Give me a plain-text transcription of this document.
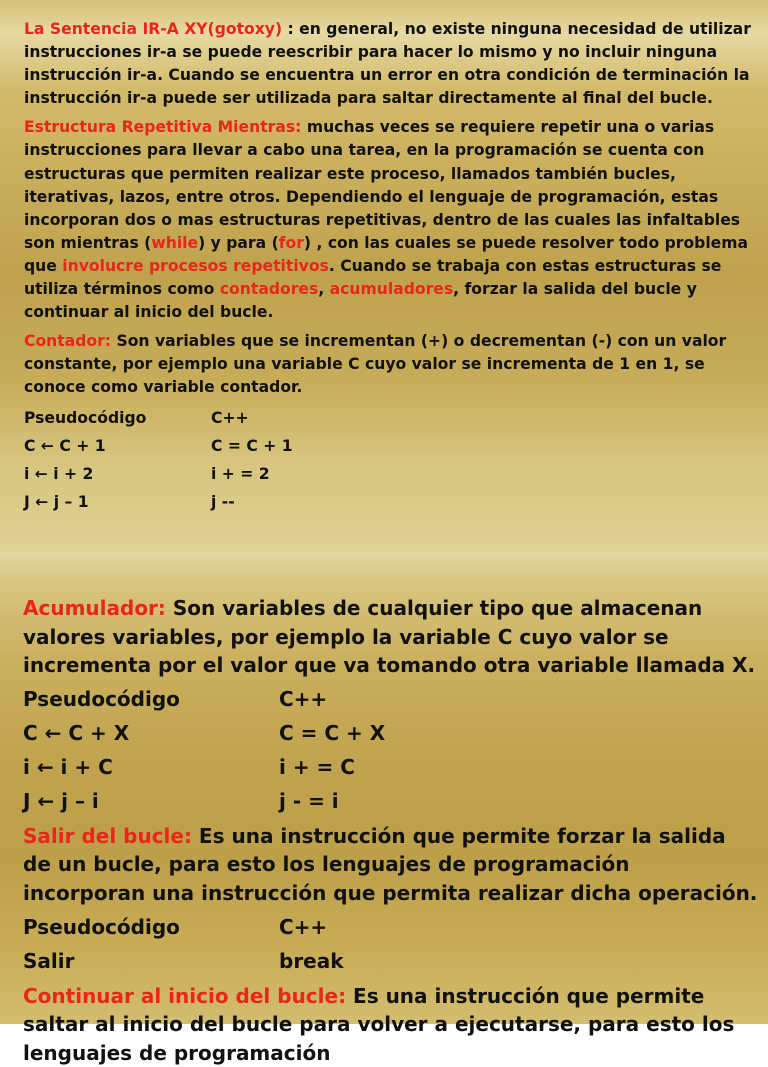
La Sentencia IR-A XY(gotoxy) : en general, no existe ninguna necesidad de utilizar instrucciones ir-a se puede reescribir para hacer lo mismo y no incluir ninguna instrucción ir-a. Cuando se encuentra un error en otra condición de terminación la instrucción ir-a puede ser utilizada para saltar directamente al final del bucle.

Estructura Repetitiva Mientras: muchas veces se requiere repetir una o varias instrucciones para llevar a cabo una tarea, en la programación se cuenta con estructuras que permiten realizar este proceso, llamados también bucles, iterativas, lazos, entre otros. Dependiendo el lenguaje de programación, estas incorporan dos o mas estructuras repetitivas, dentro de las cuales las infaltables son mientras (while) y para (for) , con las cuales se puede resolver todo problema que involucre procesos repetitivos. Cuando se trabaja con estas estructuras se utiliza términos como contadores, acumuladores, forzar la salida del bucle y continuar al inicio del bucle.

Contador: Son variables que se incrementan (+) o decrementan (-) con un valor constante, por ejemplo una variable C cuyo valor se incrementa de 1 en 1, se conoce como variable contador.

Pseudocódigo	C++
C ← C + 1	C = C + 1
i ← i + 2	i + = 2
J ← j – 1	j --

Acumulador: Son variables de cualquier tipo que almacenan valores variables, por ejemplo la variable C cuyo valor se incrementa por el valor que va tomando otra variable llamada X.

Pseudocódigo	C++
C ← C + X	C = C + X
i ← i + C	i + = C
J ← j – i	j - = i

Salir del bucle: Es una instrucción que permite forzar la salida de un bucle, para esto los lenguajes de programación incorporan una instrucción que permita realizar dicha operación.

Pseudocódigo	C++
Salir	break

Continuar al inicio del bucle: Es una instrucción que permite saltar al inicio del bucle para volver a ejecutarse, para esto los lenguajes de programación
